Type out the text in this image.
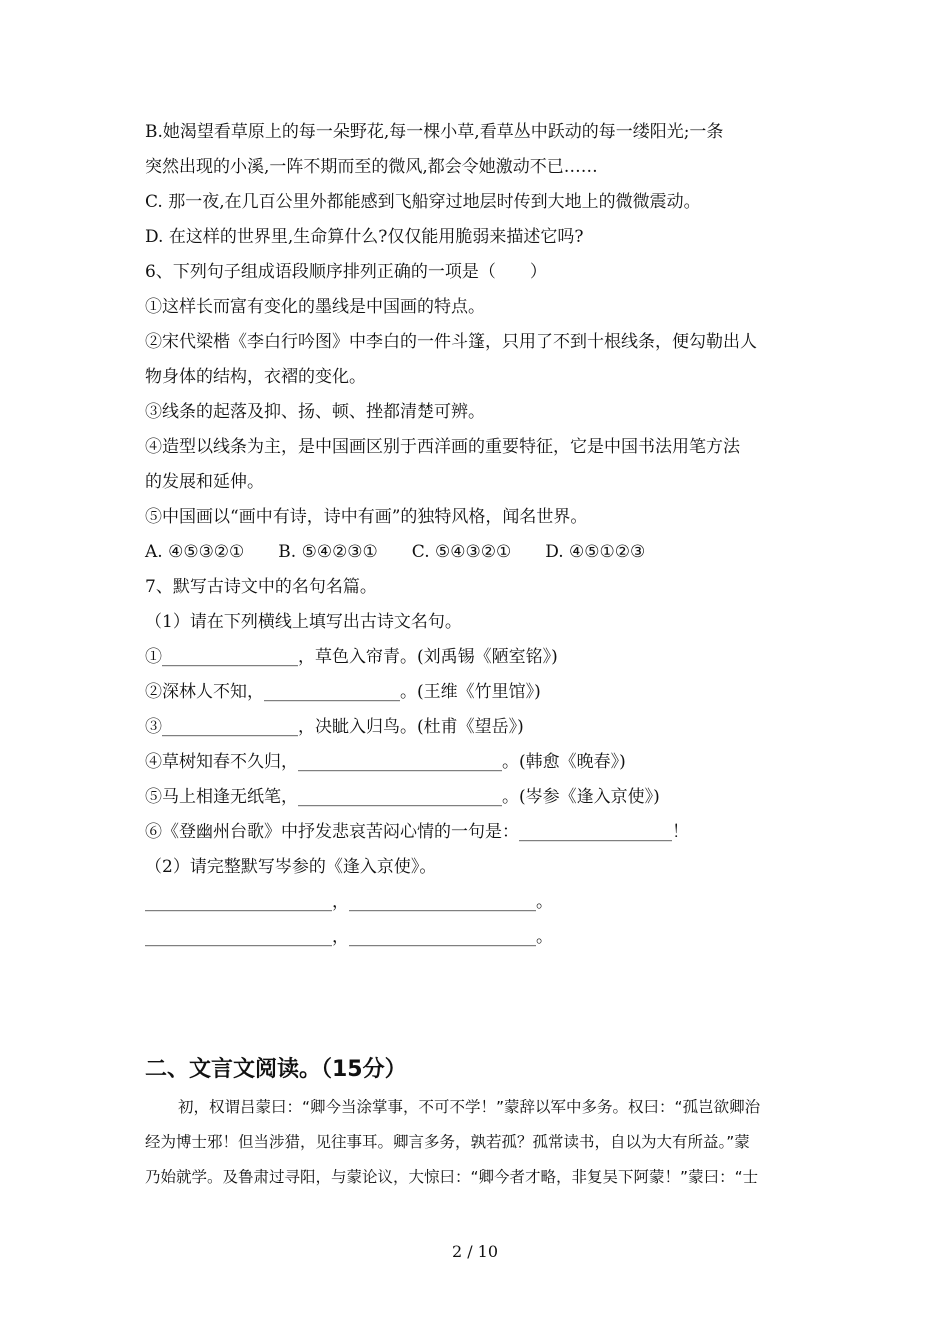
B.她渴望看草原上的每一朵野花,每一棵小草,看草丛中跃动的每一缕阳光;一条
突然出现的小溪,一阵不期而至的微风,都会令她激动不已……
C. 那一夜,在几百公里外都能感到飞船穿过地层时传到大地上的微微震动。
D. 在这样的世界里,生命算什么?仅仅能用脆弱来描述它吗?
6、下列句子组成语段顺序排列正确的一项是（　　）
①这样长而富有变化的墨线是中国画的特点。
②宋代梁楷《李白行吟图》中李白的一件斗篷，只用了不到十根线条，便勾勒出人
物身体的结构，衣褶的变化。
③线条的起落及抑、扬、顿、挫都清楚可辨。
④造型以线条为主，是中国画区别于西洋画的重要特征，它是中国书法用笔方法
的发展和延伸。
⑤中国画以“画中有诗，诗中有画”的独特风格，闻名世界。
A. ④⑤③②①　　B. ⑤④②③①　　C. ⑤④③②①　　D. ④⑤①②③
7、默写古诗文中的名句名篇。
（1）请在下列横线上填写出古诗文名句。
①________________，草色入帘青。(刘禹锡《陋室铭》)
②深林人不知，________________。(王维《竹里馆》)
③________________，决眦入归鸟。(杜甫《望岳》)
④草树知春不久归，________________________。(韩愈《晚春》)
⑤马上相逢无纸笔，________________________。(岑参《逢入京使》)
⑥《登幽州台歌》中抒发悲哀苦闷心情的一句是：__________________！
（2）请完整默写岑参的《逢入京使》。
______________________，______________________。
______________________，______________________。
二、文言文阅读。（15分）
初，权谓吕蒙曰：“卿今当涂掌事，不可不学！”蒙辞以军中多务。权曰：“孤岂欲卿治
经为博士邪！但当涉猎，见往事耳。卿言多务，孰若孤？孤常读书，自以为大有所益。”蒙
乃始就学。及鲁肃过寻阳，与蒙论议，大惊曰：“卿今者才略，非复吴下阿蒙！”蒙曰：“士
2 / 10
